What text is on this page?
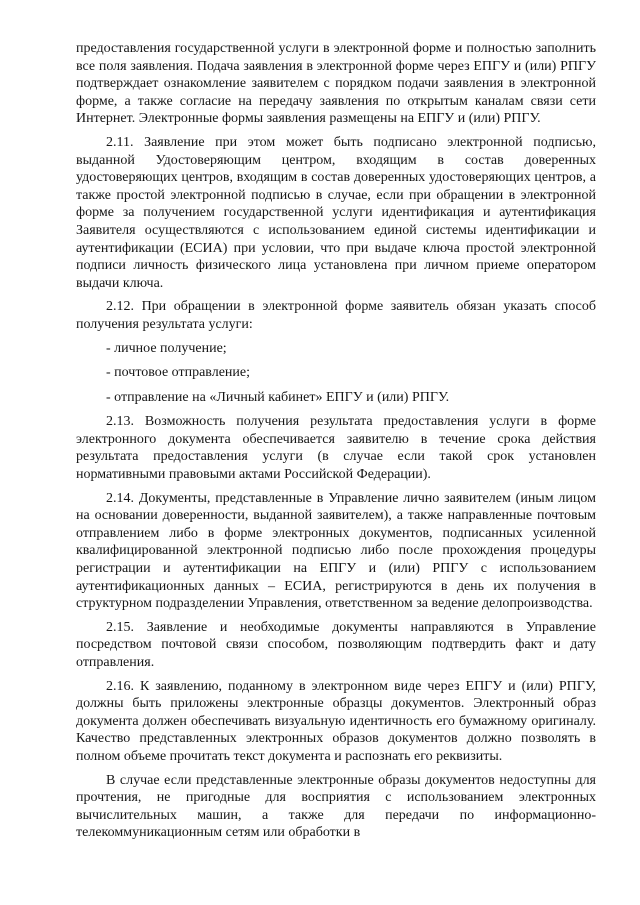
предоставления государственной услуги в электронной форме и полностью заполнить все поля заявления. Подача заявления в электронной форме через ЕПГУ и (или) РПГУ подтверждает ознакомление заявителем с порядком подачи заявления в электронной форме, а также согласие на передачу заявления по открытым каналам связи сети Интернет. Электронные формы заявления размещены на ЕПГУ и (или) РПГУ.

2.11. Заявление при этом может быть подписано электронной подписью, выданной Удостоверяющим центром, входящим в состав доверенных удостоверяющих центров, входящим в состав доверенных удостоверяющих центров, а также простой электронной подписью в случае, если при обращении в электронной форме за получением государственной услуги идентификация и аутентификация Заявителя осуществляются с использованием единой системы идентификации и аутентификации (ЕСИА) при условии, что при выдаче ключа простой электронной подписи личность физического лица установлена при личном приеме оператором выдачи ключа.

2.12. При обращении в электронной форме заявитель обязан указать способ получения результата услуги:

- личное получение;
- почтовое отправление;
- отправление на «Личный кабинет» ЕПГУ и (или) РПГУ.

2.13. Возможность получения результата предоставления услуги в форме электронного документа обеспечивается заявителю в течение срока действия результата предоставления услуги (в случае если такой срок установлен нормативными правовыми актами Российской Федерации).

2.14. Документы, представленные в Управление лично заявителем (иным лицом на основании доверенности, выданной заявителем), а также направленные почтовым отправлением либо в форме электронных документов, подписанных усиленной квалифицированной электронной подписью либо после прохождения процедуры регистрации и аутентификации на ЕПГУ и (или) РПГУ с использованием аутентификационных данных – ЕСИА, регистрируются в день их получения в структурном подразделении Управления, ответственном за ведение делопроизводства.

2.15. Заявление и необходимые документы направляются в Управление посредством почтовой связи способом, позволяющим подтвердить факт и дату отправления.

2.16. К заявлению, поданному в электронном виде через ЕПГУ и (или) РПГУ, должны быть приложены электронные образцы документов. Электронный образ документа должен обеспечивать визуальную идентичность его бумажному оригиналу. Качество представленных электронных образов документов должно позволять в полном объеме прочитать текст документа и распознать его реквизиты.

В случае если представленные электронные образы документов недоступны для прочтения, не пригодные для восприятия с использованием электронных вычислительных машин, а также для передачи по информационно-телекоммуникационным сетям или обработки в
